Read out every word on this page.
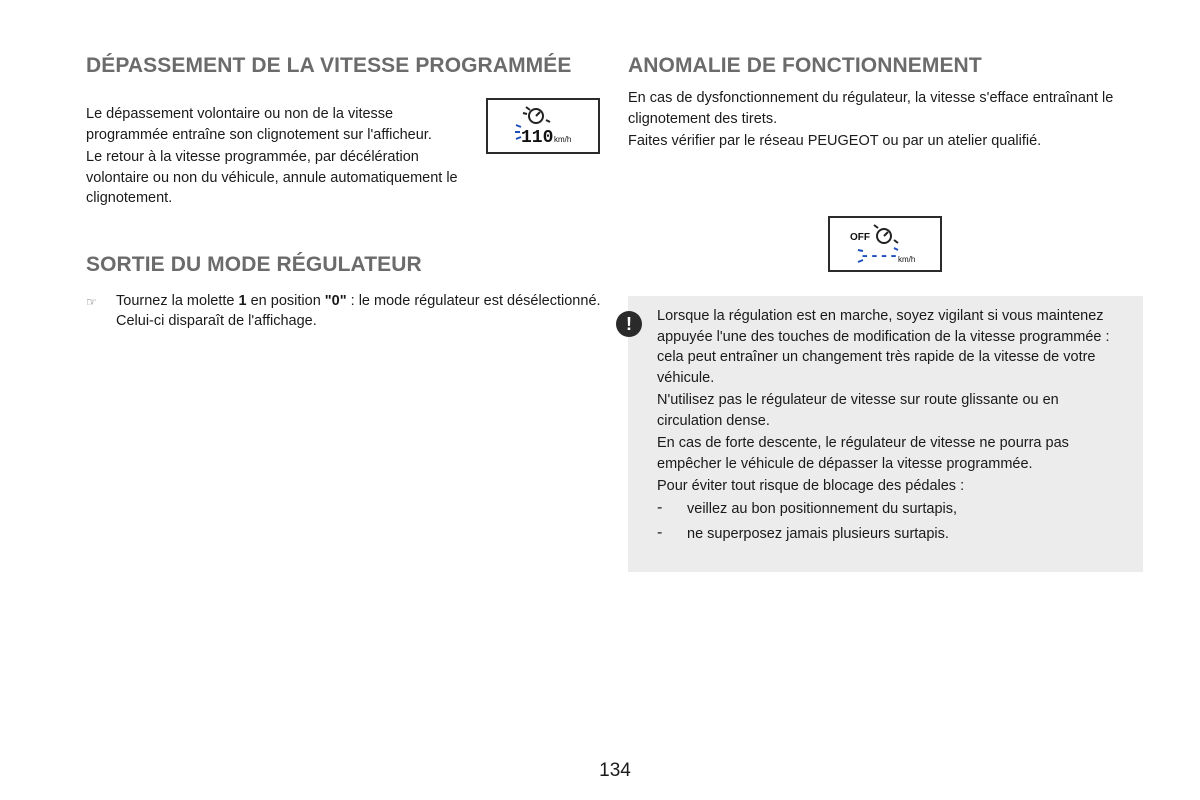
DÉPASSEMENT DE LA VITESSE PROGRAMMÉE

Le dépassement volontaire ou non de la vitesse programmée entraîne son clignotement sur l'afficheur.

Le retour à la vitesse programmée, par décélération volontaire ou non du véhicule, annule automatiquement le clignotement.

110 km/h
SORTIE DU MODE RÉGULATEUR
☞	Tournez la molette 1 en position "0" : le mode régulateur est désélectionné. Celui-ci disparaît de l'affichage.
ANOMALIE DE FONCTIONNEMENT

En cas de dysfonctionnement du régulateur, la vitesse s'efface entraînant le clignotement des tirets.

Faites vérifier par le réseau PEUGEOT ou par un atelier qualifié.

OFF
---- km/h
!	Lorsque la régulation est en marche, soyez vigilant si vous maintenez appuyée l'une des touches de modification de la vitesse programmée : cela peut entraîner un changement très rapide de la vitesse de votre véhicule.

N'utilisez pas le régulateur de vitesse sur route glissante ou en circulation dense.

En cas de forte descente, le régulateur de vitesse ne pourra pas empêcher le véhicule de dépasser la vitesse programmée.

Pour éviter tout risque de blocage des pédales :

-	veillez au bon positionnement du surtapis,

-	ne superposez jamais plusieurs surtapis.

134
